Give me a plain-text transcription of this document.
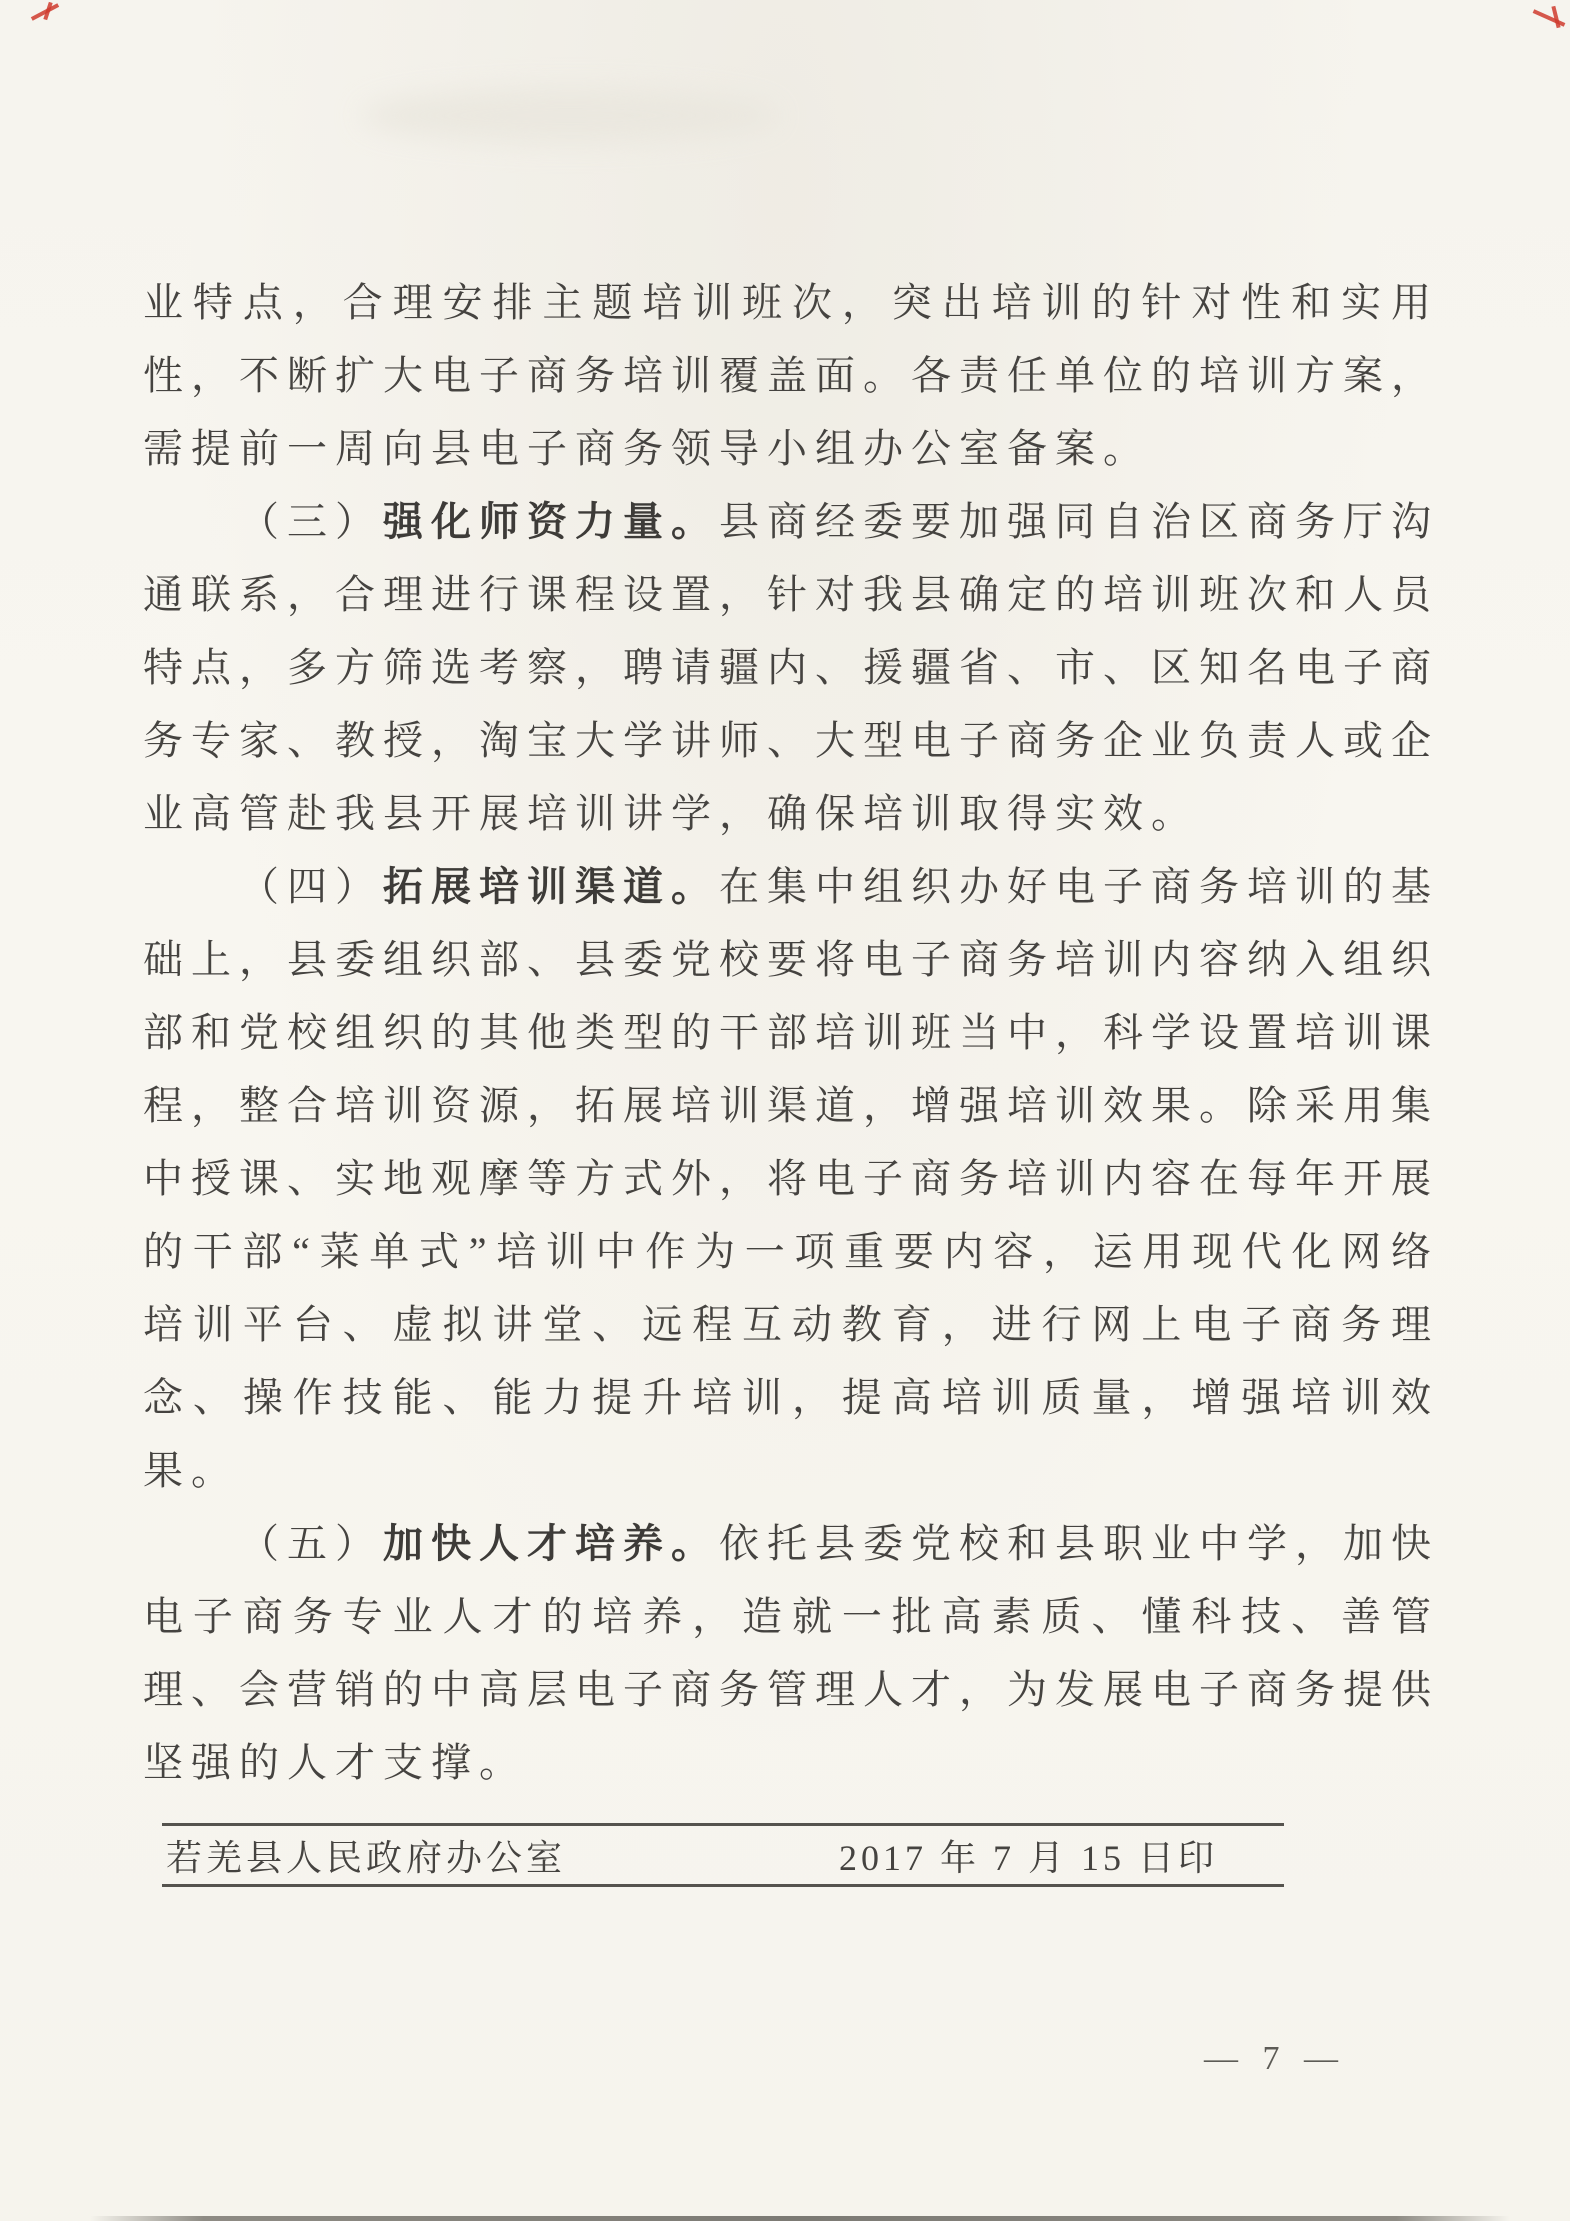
业特点，合理安排主题培训班次，突出培训的针对性和实用性，不断扩大电子商务培训覆盖面。各责任单位的培训方案，需提前一周向县电子商务领导小组办公室备案。

（三）强化师资力量。县商经委要加强同自治区商务厅沟通联系，合理进行课程设置，针对我县确定的培训班次和人员特点，多方筛选考察，聘请疆内、援疆省、市、区知名电子商务专家、教授，淘宝大学讲师、大型电子商务企业负责人或企业高管赴我县开展培训讲学，确保培训取得实效。

（四）拓展培训渠道。在集中组织办好电子商务培训的基础上，县委组织部、县委党校要将电子商务培训内容纳入组织部和党校组织的其他类型的干部培训班当中，科学设置培训课程，整合培训资源，拓展培训渠道，增强培训效果。除采用集中授课、实地观摩等方式外，将电子商务培训内容在每年开展的干部“菜单式”培训中作为一项重要内容，运用现代化网络培训平台、虚拟讲堂、远程互动教育，进行网上电子商务理念、操作技能、能力提升培训，提高培训质量，增强培训效果。

（五）加快人才培养。依托县委党校和县职业中学，加快电子商务专业人才的培养，造就一批高素质、懂科技、善管理、会营销的中高层电子商务管理人才，为发展电子商务提供坚强的人才支撑。

若羌县人民政府办公室	2017 年 7 月 15 日印
— 7 —
